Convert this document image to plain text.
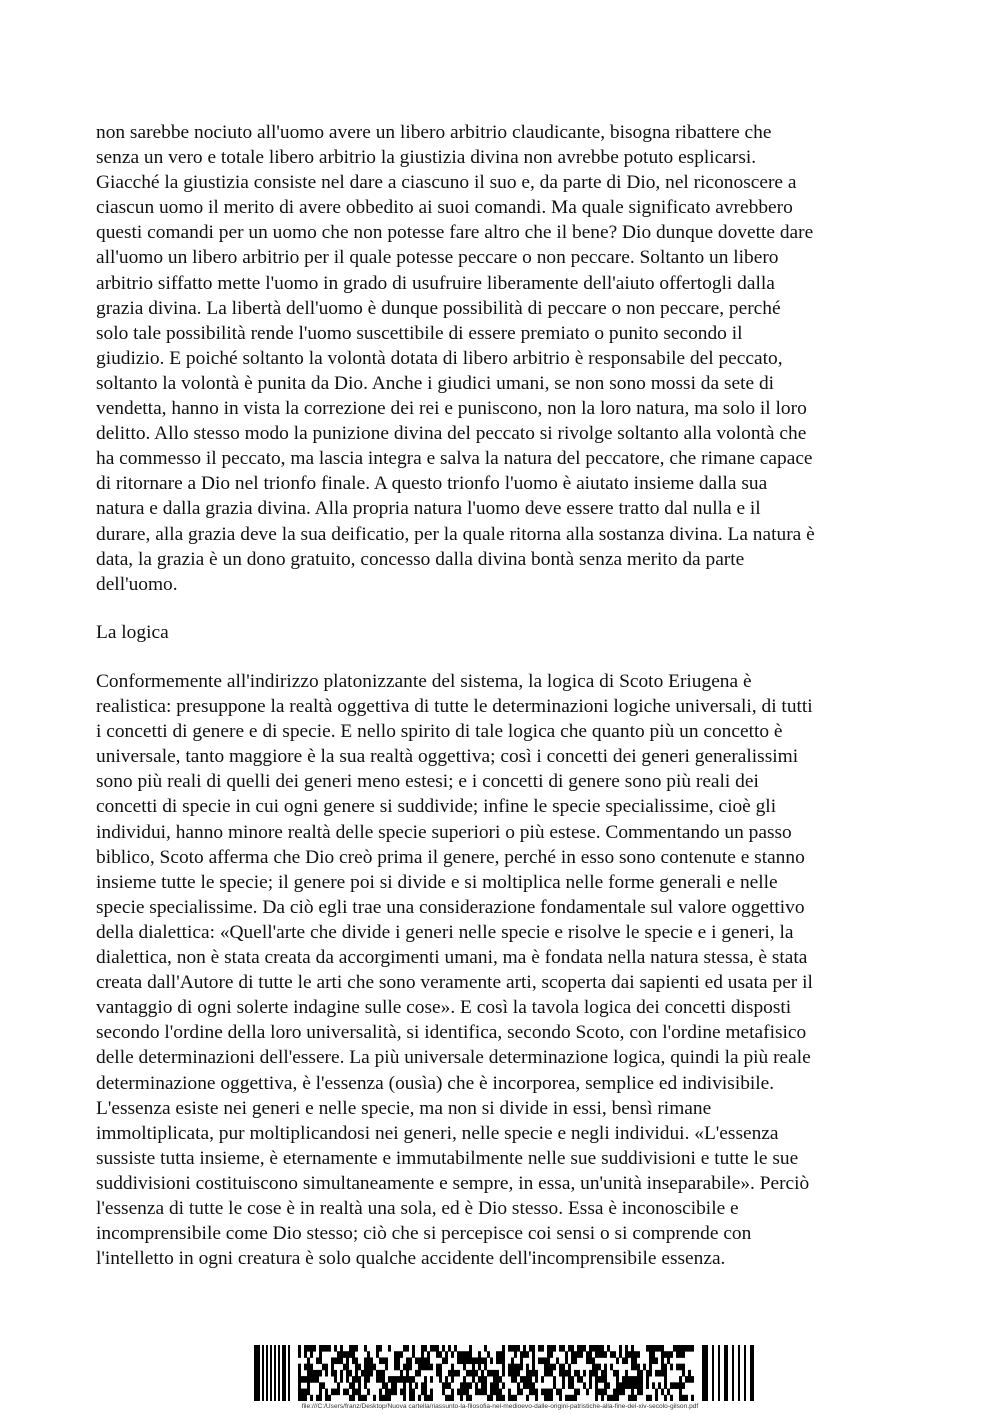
non sarebbe nociuto all'uomo avere un libero arbitrio claudicante, bisogna ribattere che
senza un vero e totale libero arbitrio la giustizia divina non avrebbe potuto esplicarsi.
Giacché la giustizia consiste nel dare a ciascuno il suo e, da parte di Dio, nel riconoscere a
ciascun uomo il merito di avere obbedito ai suoi comandi. Ma quale significato avrebbero
questi comandi per un uomo che non potesse fare altro che il bene? Dio dunque dovette dare
all'uomo un libero arbitrio per il quale potesse peccare o non peccare. Soltanto un libero
arbitrio siffatto mette l'uomo in grado di usufruire liberamente dell'aiuto offertogli dalla
grazia divina. La libertà dell'uomo è dunque possibilità di peccare o non peccare, perché
solo tale possibilità rende l'uomo suscettibile di essere premiato o punito secondo il
giudizio. E poiché soltanto la volontà dotata di libero arbitrio è responsabile del peccato,
soltanto la volontà è punita da Dio. Anche i giudici umani, se non sono mossi da sete di
vendetta, hanno in vista la correzione dei rei e puniscono, non la loro natura, ma solo il loro
delitto. Allo stesso modo la punizione divina del peccato si rivolge soltanto alla volontà che
ha commesso il peccato, ma lascia integra e salva la natura del peccatore, che rimane capace
di ritornare a Dio nel trionfo finale. A questo trionfo l'uomo è aiutato insieme dalla sua
natura e dalla grazia divina. Alla propria natura l'uomo deve essere tratto dal nulla e il
durare, alla grazia deve la sua deificatio, per la quale ritorna alla sostanza divina. La natura è
data, la grazia è un dono gratuito, concesso dalla divina bontà senza merito da parte
dell'uomo.
La logica
Conformemente all'indirizzo platonizzante del sistema, la logica di Scoto Eriugena è
realistica: presuppone la realtà oggettiva di tutte le determinazioni logiche universali, di tutti
i concetti di genere e di specie. E nello spirito di tale logica che quanto più un concetto è
universale, tanto maggiore è la sua realtà oggettiva; così i concetti dei generi generalissimi
sono più reali di quelli dei generi meno estesi; e i concetti di genere sono più reali dei
concetti di specie in cui ogni genere si suddivide; infine le specie specialissime, cioè gli
individui, hanno minore realtà delle specie superiori o più estese. Commentando un passo
biblico, Scoto afferma che Dio creò prima il genere, perché in esso sono contenute e stanno
insieme tutte le specie; il genere poi si divide e si moltiplica nelle forme generali e nelle
specie specialissime. Da ciò egli trae una considerazione fondamentale sul valore oggettivo
della dialettica: «Quell'arte che divide i generi nelle specie e risolve le specie e i generi, la
dialettica, non è stata creata da accorgimenti umani, ma è fondata nella natura stessa, è stata
creata dall'Autore di tutte le arti che sono veramente arti, scoperta dai sapienti ed usata per il
vantaggio di ogni solerte indagine sulle cose». E così la tavola logica dei concetti disposti
secondo l'ordine della loro universalità, si identifica, secondo Scoto, con l'ordine metafisico
delle determinazioni dell'essere. La più universale determinazione logica, quindi la più reale
determinazione oggettiva, è l'essenza (ousìa) che è incorporea, semplice ed indivisibile.
L'essenza esiste nei generi e nelle specie, ma non si divide in essi, bensì rimane
immoltiplicata, pur moltiplicandosi nei generi, nelle specie e negli individui. «L'essenza
sussiste tutta insieme, è eternamente e immutabilmente nelle sue suddivisioni e tutte le sue
suddivisioni costituiscono simultaneamente e sempre, in essa, un'unità inseparabile». Perciò
l'essenza di tutte le cose è in realtà una sola, ed è Dio stesso. Essa è inconoscibile e
incomprensibile come Dio stesso; ciò che si percepisce coi sensi o si comprende con
l'intelletto in ogni creatura è solo qualche accidente dell'incomprensibile essenza.
file:///C:/Users/franz/Desktop/Nuova cartella/riassunto-la-filosofia-nel-medioevo-dalle-origini-patristiche-alla-fine-del-xiv-secolo-gilson.pdf
